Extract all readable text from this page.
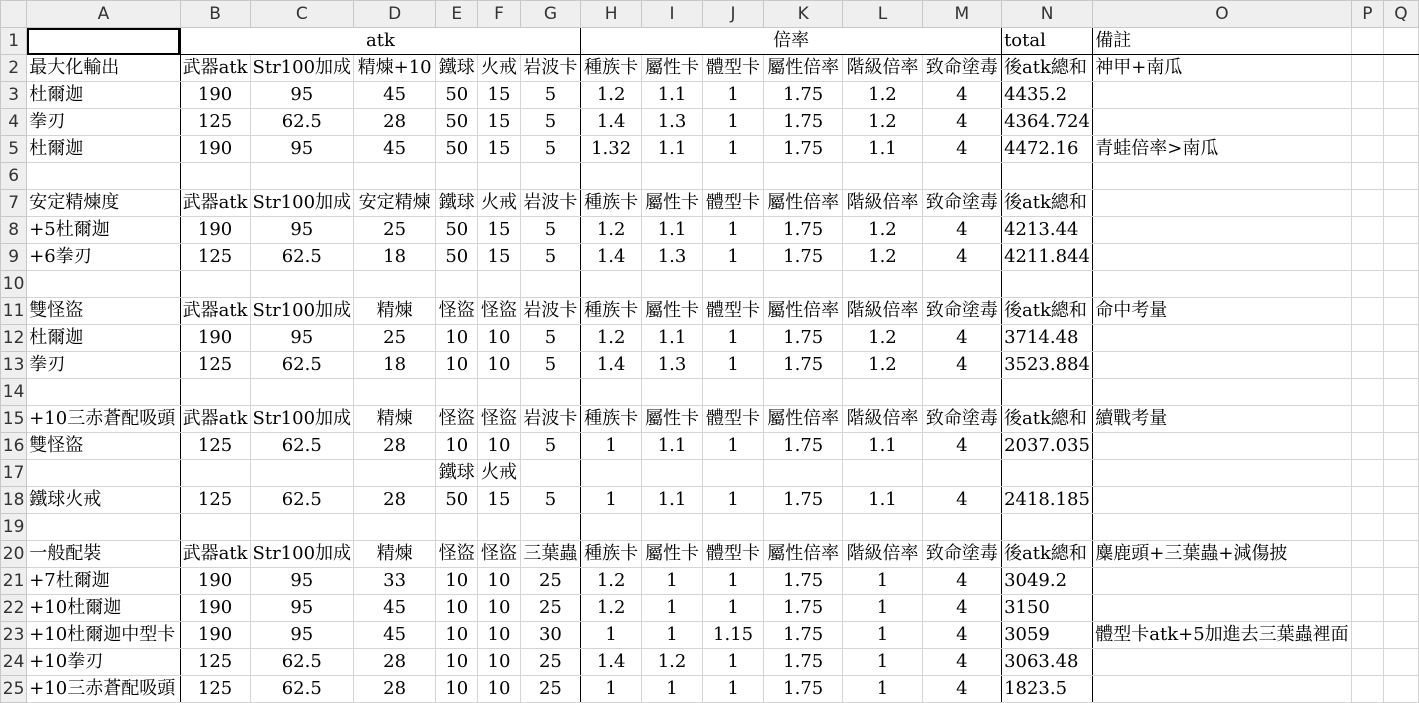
	A	B	C	D	E	F	G	H	I	J	K	L	M	N	O	P	Q
1		atk						倍率						total	備註		
2	最大化輸出	武器atk	Str100加成	精煉+10	鐵球	火戒	岩波卡	種族卡	屬性卡	體型卡	屬性倍率	階級倍率	致命塗毒	後atk總和	神甲+南瓜		
3	杜爾迦	190	95	45	50	15	5	1.2	1.1	1	1.75	1.2	4	4435.2			
4	拳刃	125	62.5	28	50	15	5	1.4	1.3	1	1.75	1.2	4	4364.724			
5	杜爾迦	190	95	45	50	15	5	1.32	1.1	1	1.75	1.1	4	4472.16	青蛙倍率>南瓜		
6																	
7	安定精煉度	武器atk	Str100加成	安定精煉	鐵球	火戒	岩波卡	種族卡	屬性卡	體型卡	屬性倍率	階級倍率	致命塗毒	後atk總和			
8	+5杜爾迦	190	95	25	50	15	5	1.2	1.1	1	1.75	1.2	4	4213.44			
9	+6拳刃	125	62.5	18	50	15	5	1.4	1.3	1	1.75	1.2	4	4211.844			
10																	
11	雙怪盜	武器atk	Str100加成	精煉	怪盜	怪盜	岩波卡	種族卡	屬性卡	體型卡	屬性倍率	階級倍率	致命塗毒	後atk總和	命中考量		
12	杜爾迦	190	95	25	10	10	5	1.2	1.1	1	1.75	1.2	4	3714.48			
13	拳刃	125	62.5	18	10	10	5	1.4	1.3	1	1.75	1.2	4	3523.884			
14																	
15	+10三赤蒼配吸頭	武器atk	Str100加成	精煉	怪盜	怪盜	岩波卡	種族卡	屬性卡	體型卡	屬性倍率	階級倍率	致命塗毒	後atk總和	續戰考量		
16	雙怪盜	125	62.5	28	10	10	5	1	1.1	1	1.75	1.1	4	2037.035			
17					鐵球	火戒											
18	鐵球火戒	125	62.5	28	50	15	5	1	1.1	1	1.75	1.1	4	2418.185			
19																	
20	一般配裝	武器atk	Str100加成	精煉	怪盜	怪盜	三葉蟲	種族卡	屬性卡	體型卡	屬性倍率	階級倍率	致命塗毒	後atk總和	麋鹿頭+三葉蟲+減傷披		
21	+7杜爾迦	190	95	33	10	10	25	1.2	1	1	1.75	1	4	3049.2			
22	+10杜爾迦	190	95	45	10	10	25	1.2	1	1	1.75	1	4	3150			
23	+10杜爾迦中型卡	190	95	45	10	10	30	1	1	1.15	1.75	1	4	3059	體型卡atk+5加進去三葉蟲裡面		
24	+10拳刃	125	62.5	28	10	10	25	1.4	1.2	1	1.75	1	4	3063.48			
25	+10三赤蒼配吸頭	125	62.5	28	10	10	25	1	1	1	1.75	1	4	1823.5			
